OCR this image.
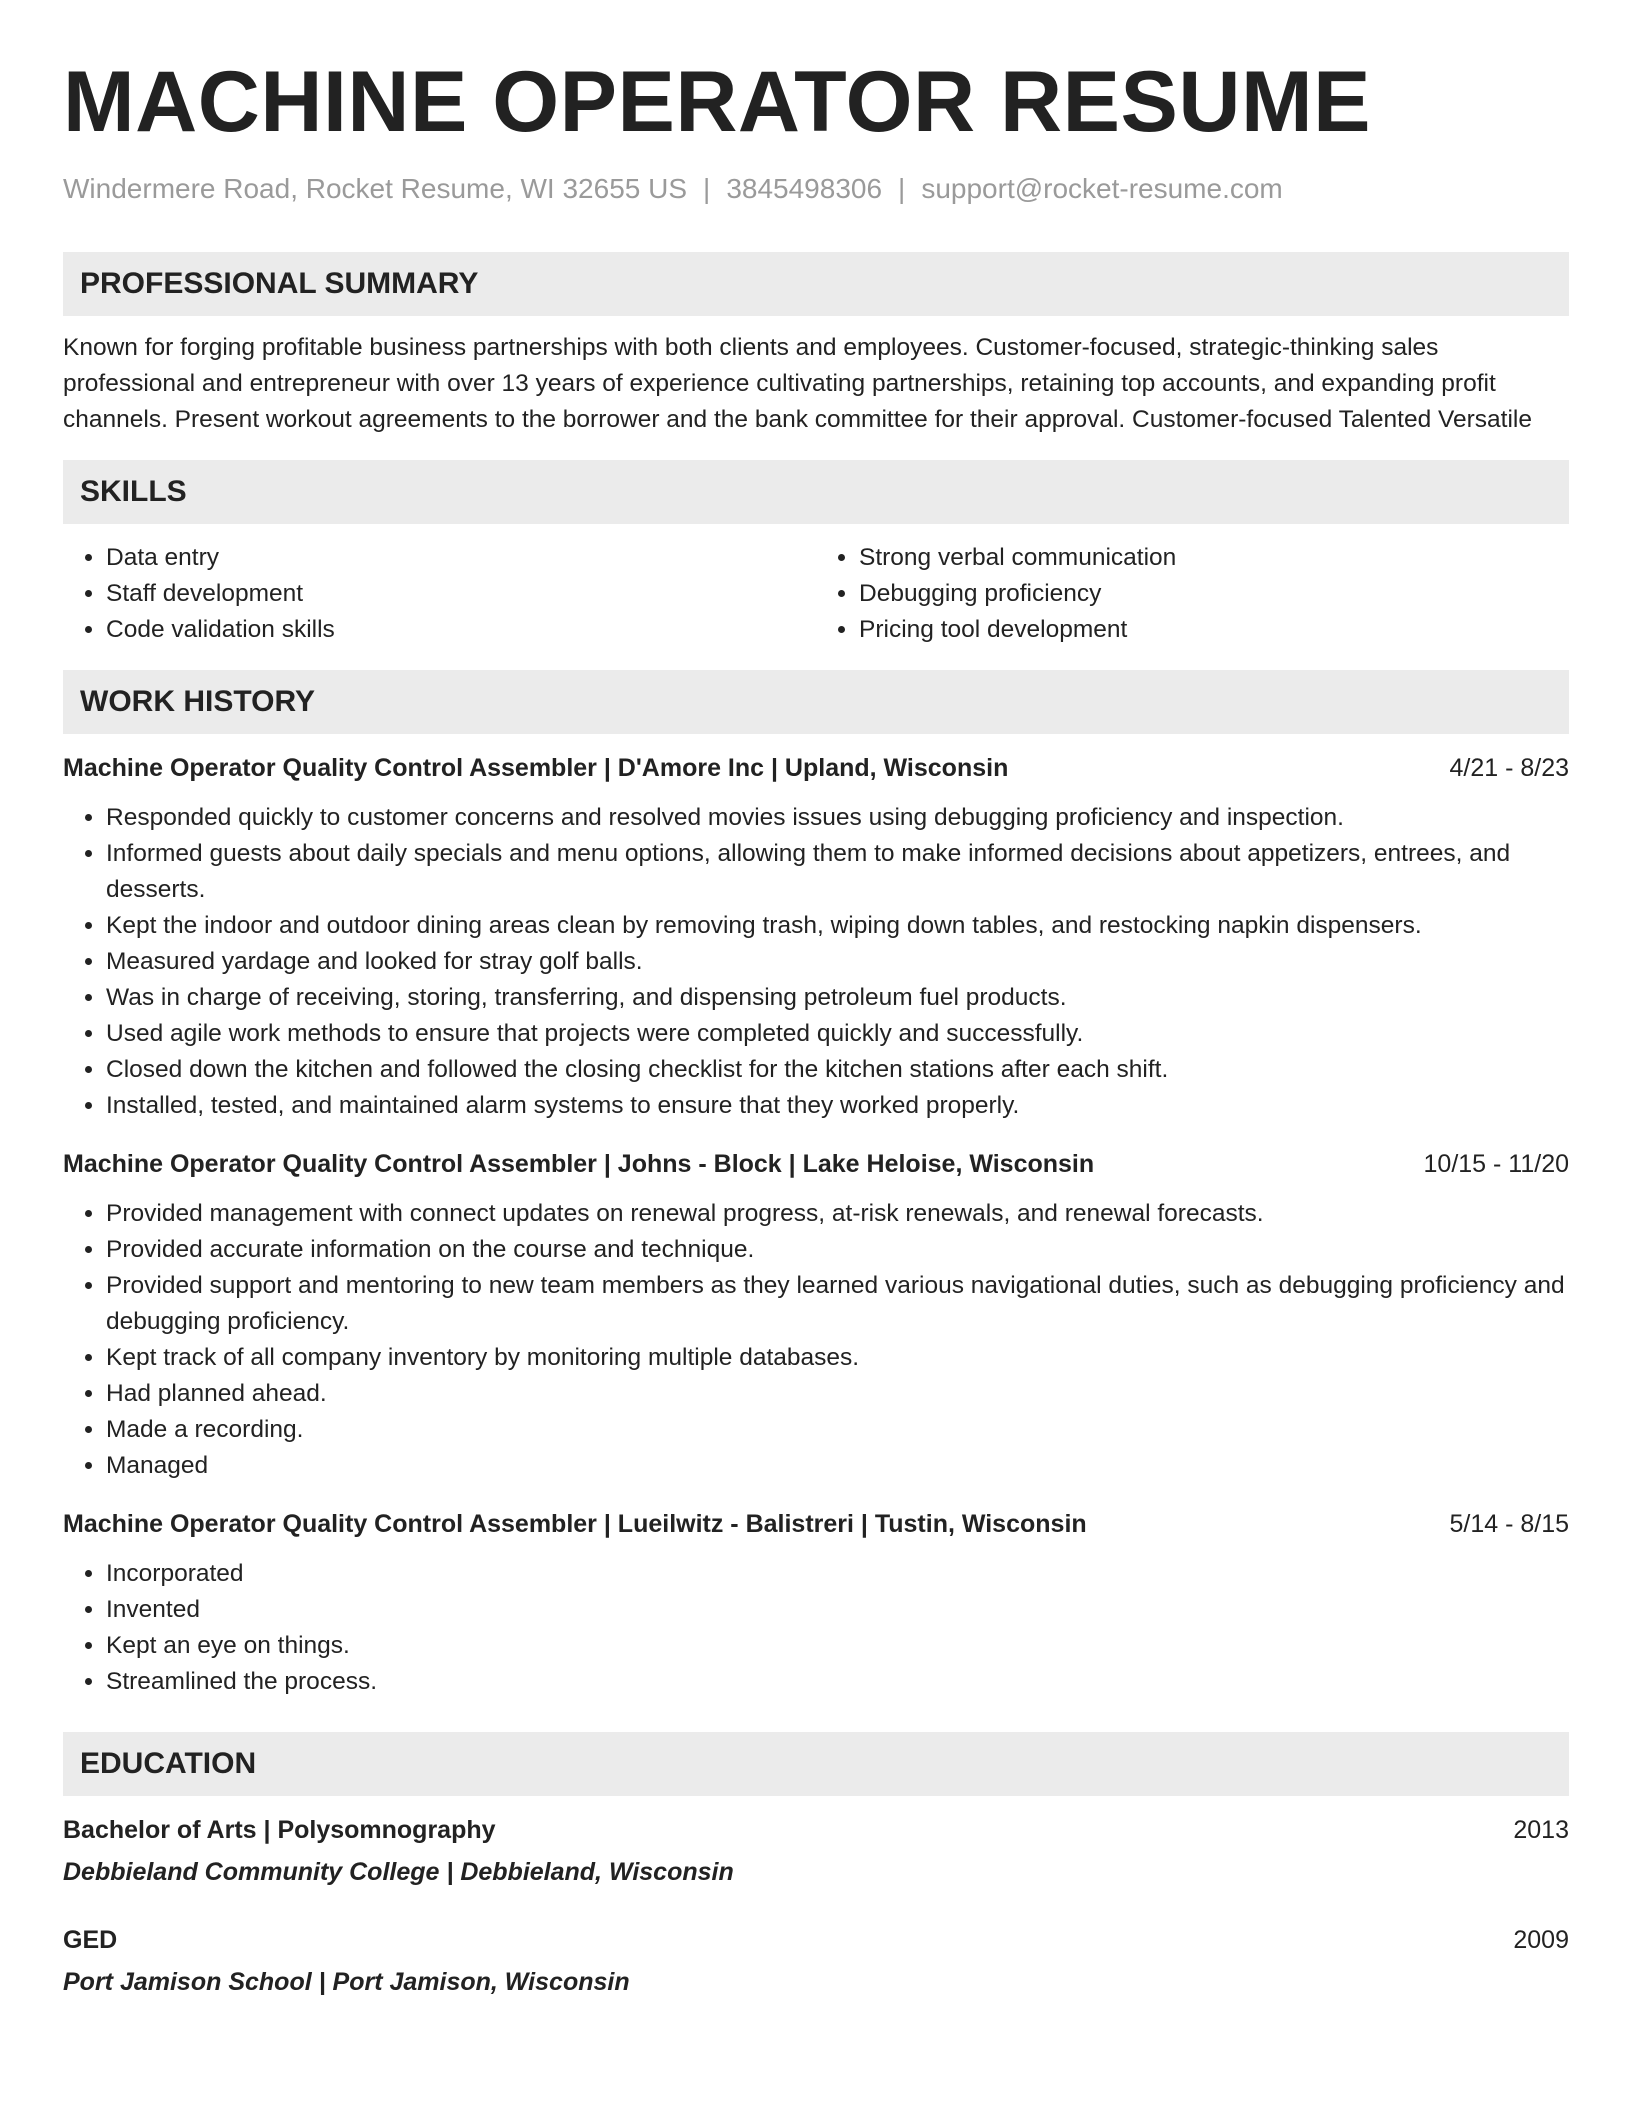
MACHINE OPERATOR RESUME
Windermere Road, Rocket Resume, WI 32655 US | 3845498306 | support@rocket-resume.com
PROFESSIONAL SUMMARY

Known for forging profitable business partnerships with both clients and employees. Customer-focused, strategic-thinking sales professional and entrepreneur with over 13 years of experience cultivating partnerships, retaining top accounts, and expanding profit channels. Present workout agreements to the borrower and the bank committee for their approval. Customer-focused Talented Versatile

SKILLS
• Data entry
• Staff development
• Code validation skills
• Strong verbal communication
• Debugging proficiency
• Pricing tool development
WORK HISTORY
Machine Operator Quality Control Assembler | D'Amore Inc | Upland, Wisconsin	4/21 - 8/23
• Responded quickly to customer concerns and resolved movies issues using debugging proficiency and inspection.
• Informed guests about daily specials and menu options, allowing them to make informed decisions about appetizers, entrees, and desserts.
• Kept the indoor and outdoor dining areas clean by removing trash, wiping down tables, and restocking napkin dispensers.
• Measured yardage and looked for stray golf balls.
• Was in charge of receiving, storing, transferring, and dispensing petroleum fuel products.
• Used agile work methods to ensure that projects were completed quickly and successfully.
• Closed down the kitchen and followed the closing checklist for the kitchen stations after each shift.
• Installed, tested, and maintained alarm systems to ensure that they worked properly.
Machine Operator Quality Control Assembler | Johns - Block | Lake Heloise, Wisconsin	10/15 - 11/20
• Provided management with connect updates on renewal progress, at-risk renewals, and renewal forecasts.
• Provided accurate information on the course and technique.
• Provided support and mentoring to new team members as they learned various navigational duties, such as debugging proficiency and debugging proficiency.
• Kept track of all company inventory by monitoring multiple databases.
• Had planned ahead.
• Made a recording.
• Managed
Machine Operator Quality Control Assembler | Lueilwitz - Balistreri | Tustin, Wisconsin	5/14 - 8/15
• Incorporated
• Invented
• Kept an eye on things.
• Streamlined the process.
EDUCATION
Bachelor of Arts | Polysomnography	2013
Debbieland Community College | Debbieland, Wisconsin
GED	2009
Port Jamison School | Port Jamison, Wisconsin
